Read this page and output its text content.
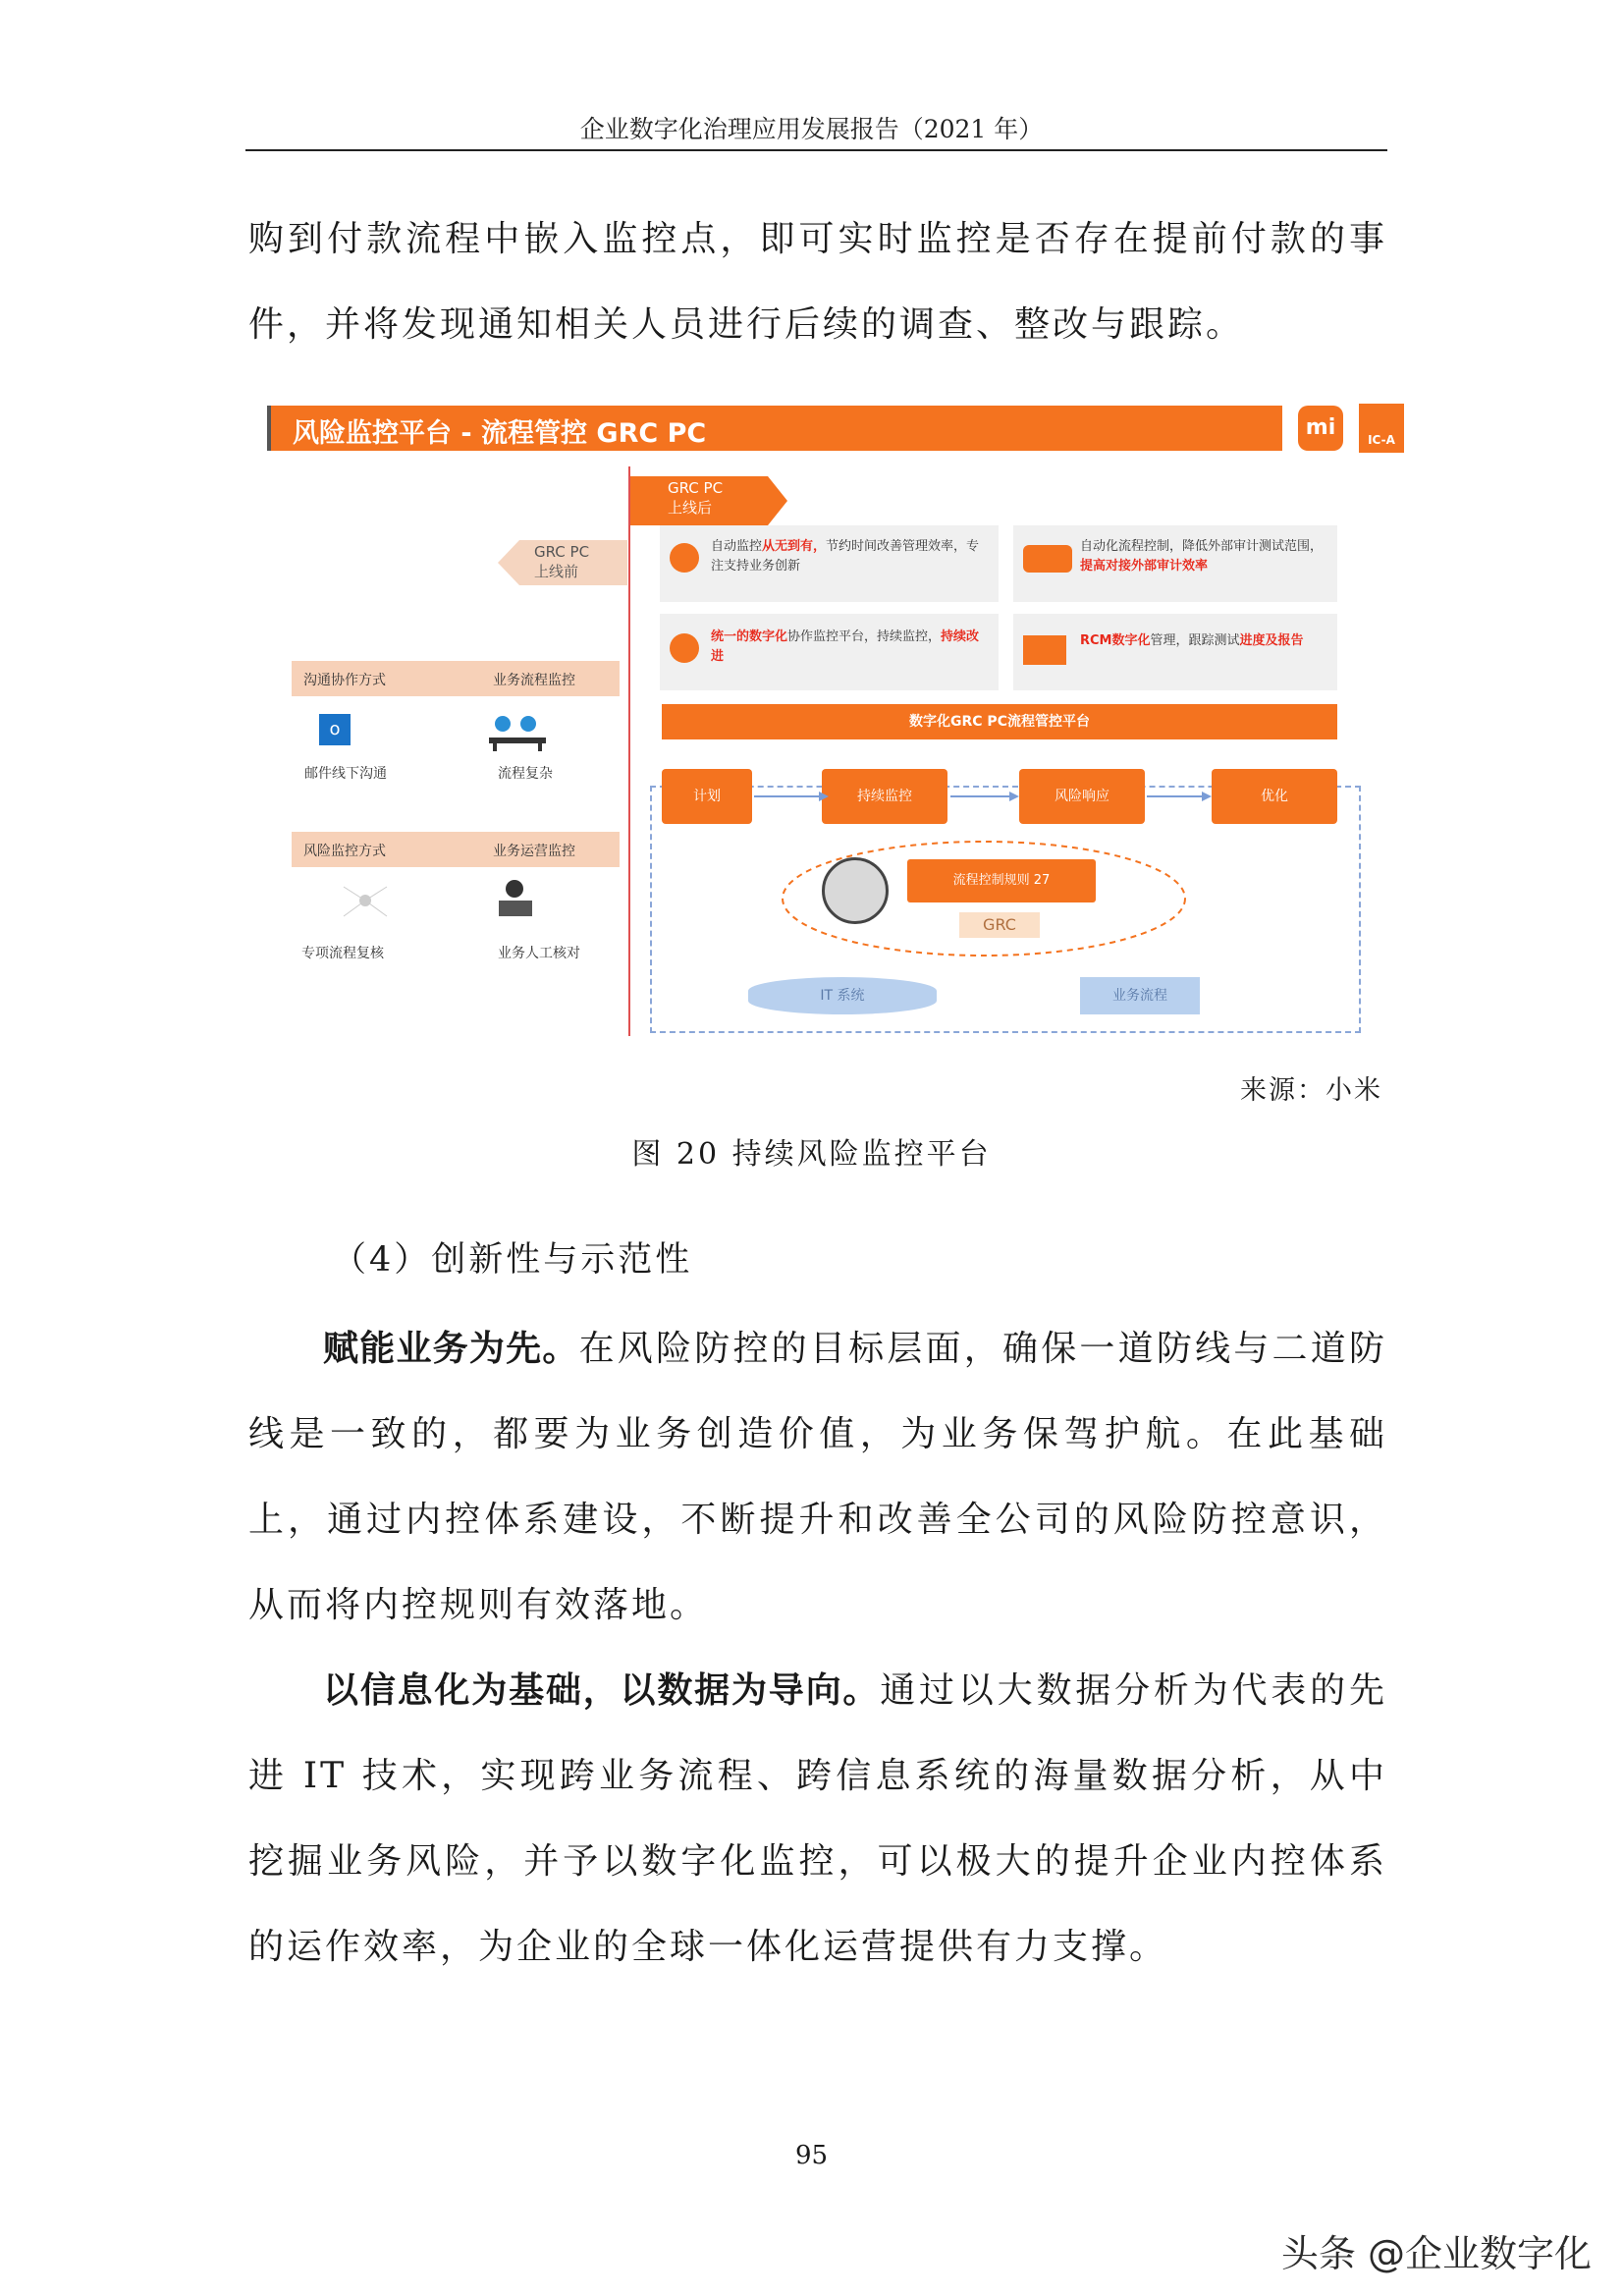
企业数字化治理应用发展报告（2021 年）
购到付款流程中嵌入监控点，即可实时监控是否存在提前付款的事件，并将发现通知相关人员进行后续的调查、整改与跟踪。
风险监控平台 - 流程管控 GRC PC	mi	IC-A
GRC PC
上线后
GRC PC
上线前
沟通协作方式	业务流程监控
o
邮件线下沟通	流程复杂
风险监控方式	业务运营监控
专项流程复核	业务人工核对
自动监控从无到有，节约时间改善管理效率，专注支持业务创新
自动化流程控制，降低外部审计测试范围，提高对接外部审计效率
统一的数字化协作监控平台，持续监控，持续改进
RCM数字化管理，跟踪测试进度及报告
数字化GRC PC流程管控平台
计划	持续监控	风险响应	优化
流程控制规则 27
GRC
IT 系统	业务流程
来源：小米
图 20 持续风险监控平台
（4）创新性与示范性
赋能业务为先。在风险防控的目标层面，确保一道防线与二道防线是一致的，都要为业务创造价值，为业务保驾护航。在此基础上，通过内控体系建设，不断提升和改善全公司的风险防控意识，从而将内控规则有效落地。
以信息化为基础，以数据为导向。通过以大数据分析为代表的先进 IT 技术，实现跨业务流程、跨信息系统的海量数据分析，从中挖掘业务风险，并予以数字化监控，可以极大的提升企业内控体系的运作效率，为企业的全球一体化运营提供有力支撑。
95
头条 @企业数字化
